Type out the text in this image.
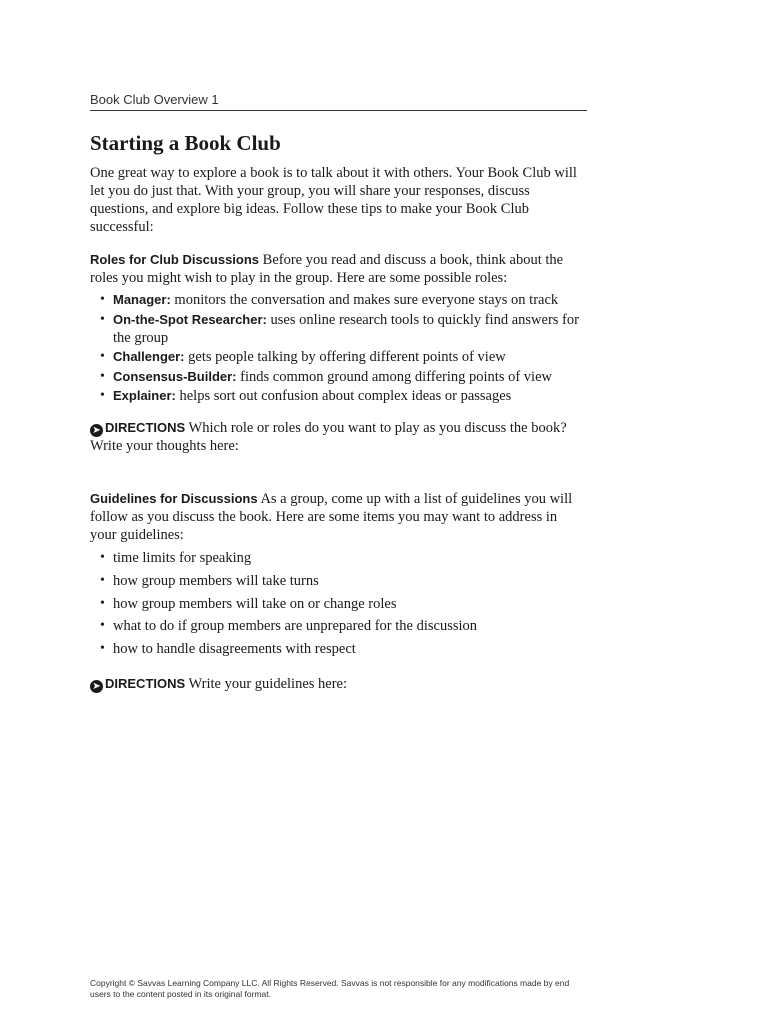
Book Club Overview 1
Starting a Book Club

One great way to explore a book is to talk about it with others. Your Book Club will let you do just that. With your group, you will share your responses, discuss questions, and explore big ideas. Follow these tips to make your Book Club successful:

Roles for Club Discussions Before you read and discuss a book, think about the roles you might wish to play in the group. Here are some possible roles:

• Manager: monitors the conversation and makes sure everyone stays on track
• On-the-Spot Researcher: uses online research tools to quickly find answers for the group
• Challenger: gets people talking by offering different points of view
• Consensus-Builder: finds common ground among differing points of view
• Explainer: helps sort out confusion about complex ideas or passages

➤ DIRECTIONS Which role or roles do you want to play as you discuss the book? Write your thoughts here:

Guidelines for Discussions As a group, come up with a list of guidelines you will follow as you discuss the book. Here are some items you may want to address in your guidelines:

• time limits for speaking
• how group members will take turns
• how group members will take on or change roles
• what to do if group members are unprepared for the discussion
• how to handle disagreements with respect

➤ DIRECTIONS Write your guidelines here:

Copyright © Savvas Learning Company LLC. All Rights Reserved. Savvas is not responsible for any modifications made by end users to the content posted in its original format.
